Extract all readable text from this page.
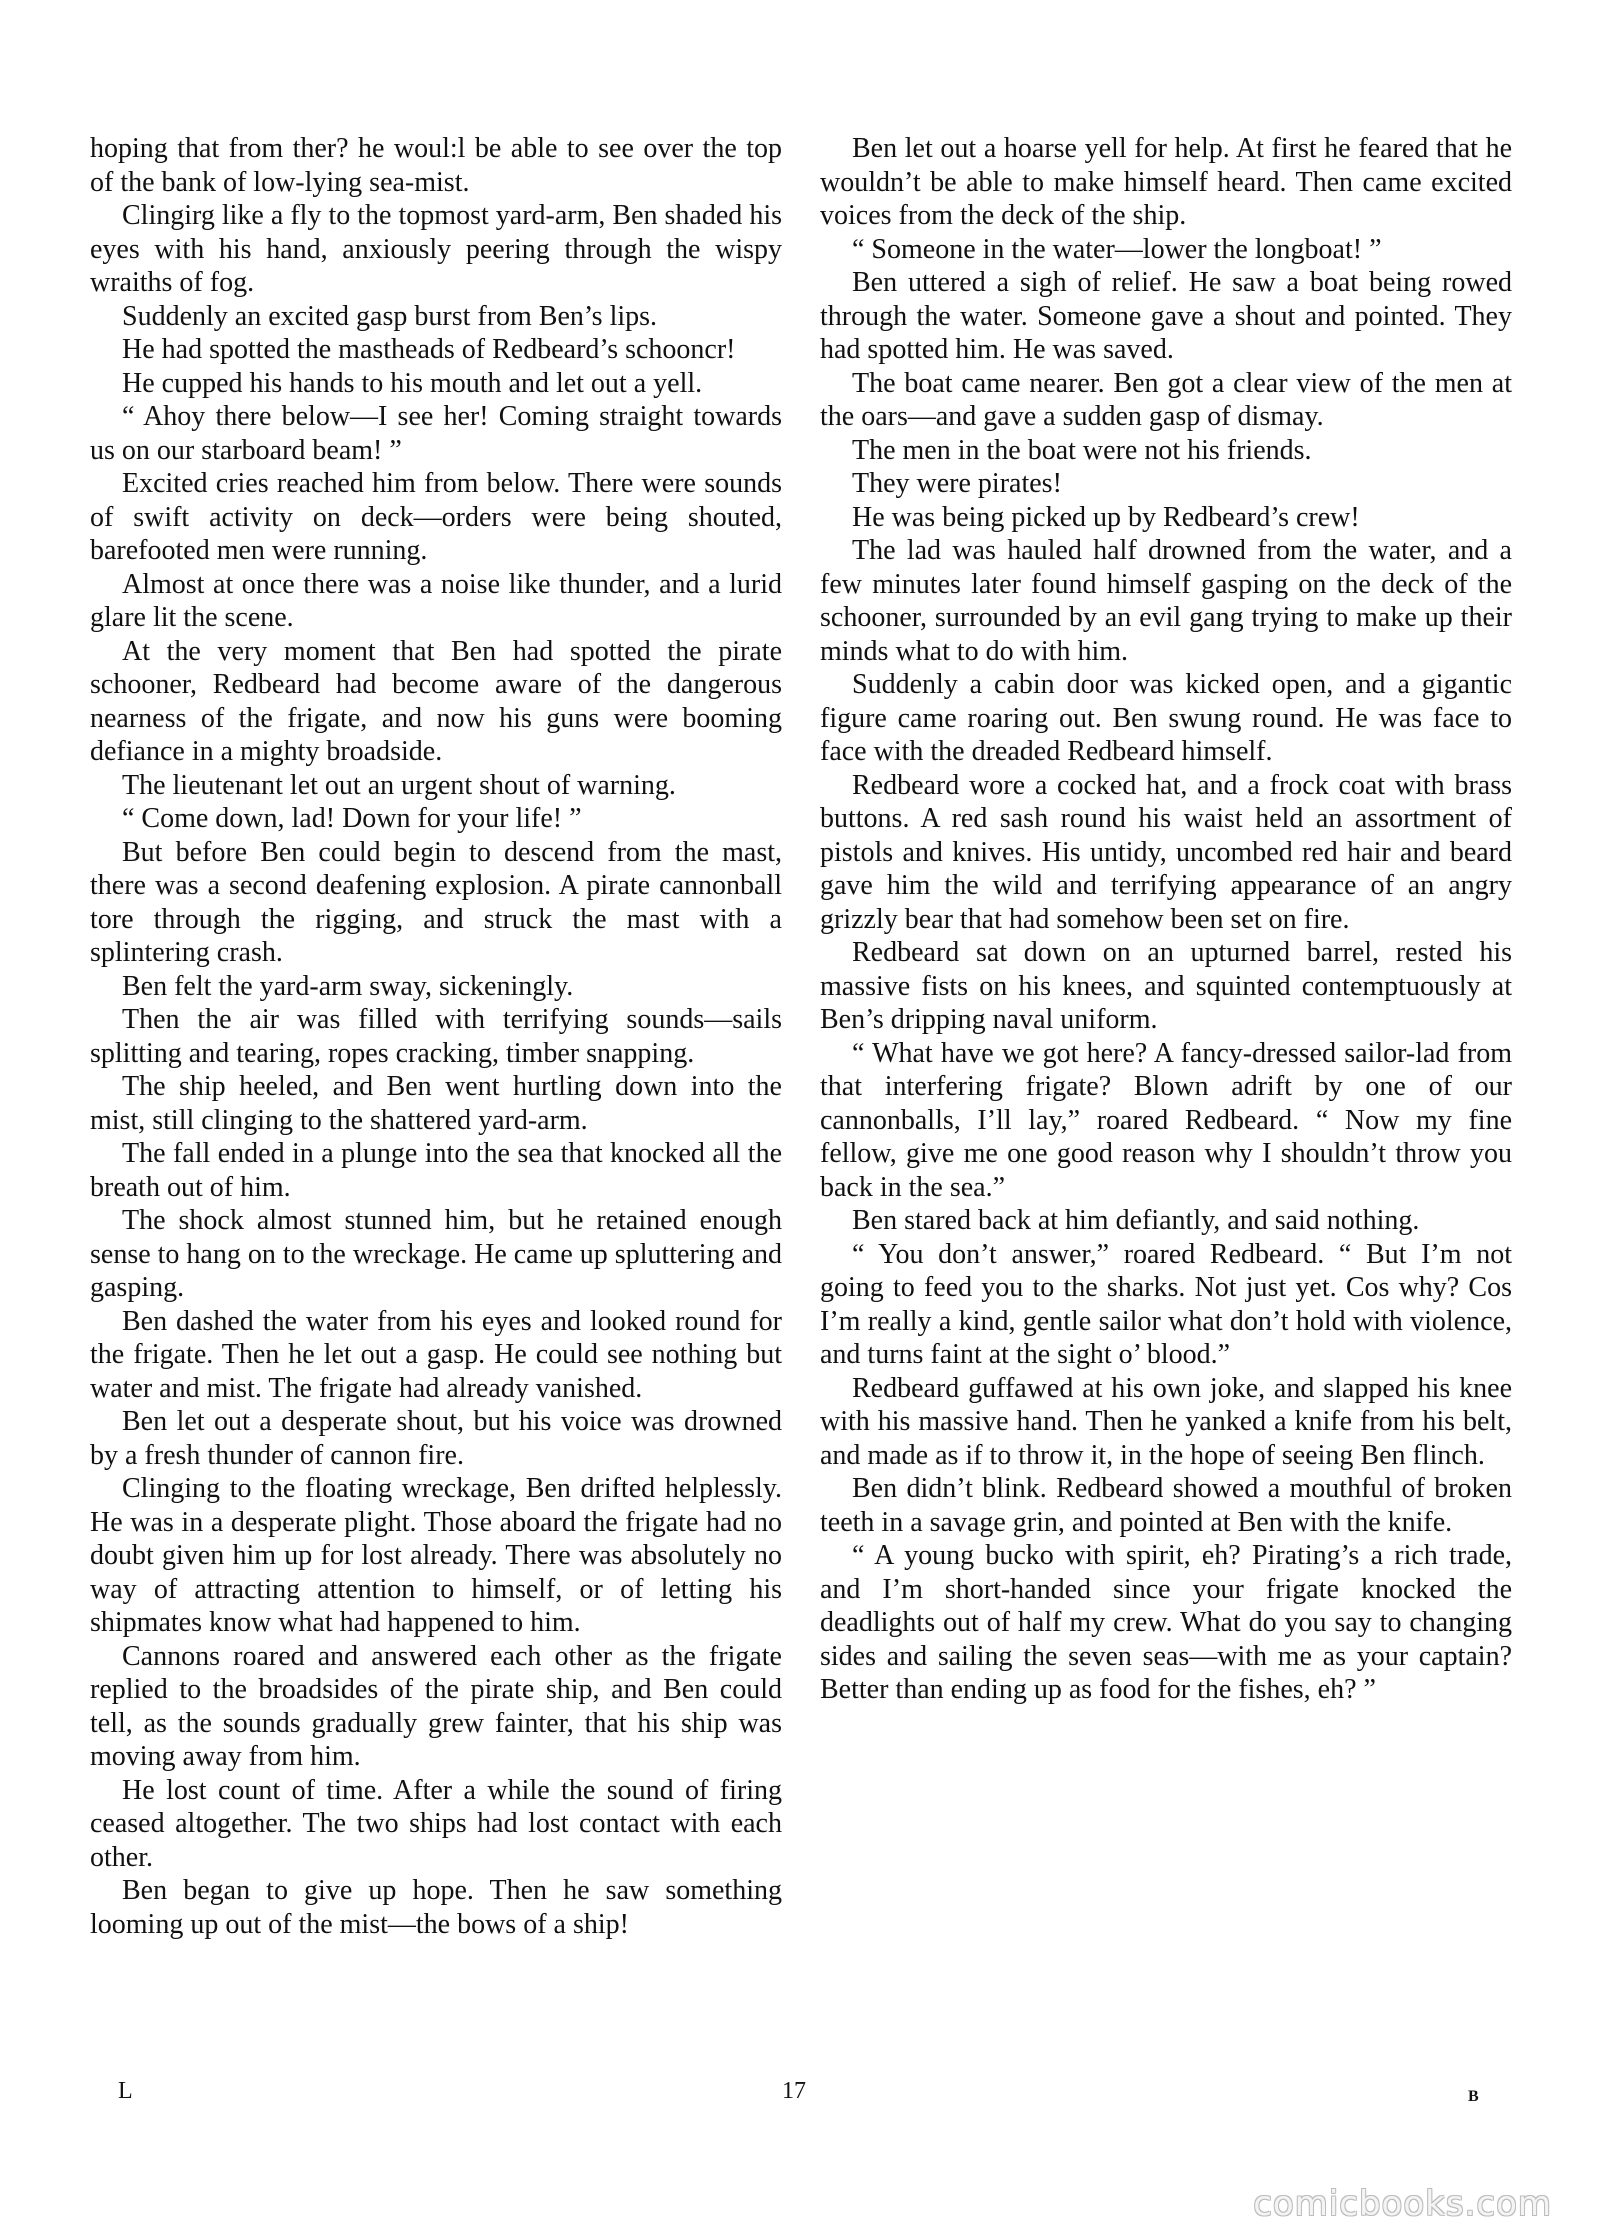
hoping that from ther? he woul:l be able to see over the top of the bank of low-lying sea-mist.

Clingirg like a fly to the topmost yard-arm, Ben shaded his eyes with his hand, anxiously peering through the wispy wraiths of fog.

Suddenly an excited gasp burst from Ben’s lips.

He had spotted the mastheads of Redbeard’s schooncr!

He cupped his hands to his mouth and let out a yell.

“ Ahoy there below—I see her! Coming straight towards us on our starboard beam! ”

Excited cries reached him from below. There were sounds of swift activity on deck—orders were being shouted, barefooted men were running.

Almost at once there was a noise like thunder, and a lurid glare lit the scene.

At the very moment that Ben had spotted the pirate schooner, Redbeard had become aware of the dangerous nearness of the frigate, and now his guns were booming defiance in a mighty broadside.

The lieutenant let out an urgent shout of warning.

“ Come down, lad! Down for your life! ”

But before Ben could begin to descend from the mast, there was a second deafening explosion. A pirate cannonball tore through the rigging, and struck the mast with a splintering crash.

Ben felt the yard-arm sway, sickeningly.

Then the air was filled with terrifying sounds—sails splitting and tearing, ropes cracking, timber snapping.

The ship heeled, and Ben went hurtling down into the mist, still clinging to the shattered yard-arm.

The fall ended in a plunge into the sea that knocked all the breath out of him.

The shock almost stunned him, but he retained enough sense to hang on to the wreckage. He came up spluttering and gasping.

Ben dashed the water from his eyes and looked round for the frigate. Then he let out a gasp. He could see nothing but water and mist. The frigate had already vanished.

Ben let out a desperate shout, but his voice was drowned by a fresh thunder of cannon fire.

Clinging to the floating wreckage, Ben drifted helplessly. He was in a desperate plight. Those aboard the frigate had no doubt given him up for lost already. There was absolutely no way of attracting attention to himself, or of letting his shipmates know what had happened to him.

Cannons roared and answered each other as the frigate replied to the broadsides of the pirate ship, and Ben could tell, as the sounds gradually grew fainter, that his ship was moving away from him.

He lost count of time. After a while the sound of firing ceased altogether. The two ships had lost contact with each other.

Ben began to give up hope. Then he saw something looming up out of the mist—the bows of a ship!

Ben let out a hoarse yell for help. At first he feared that he wouldn’t be able to make himself heard. Then came excited voices from the deck of the ship.

“ Someone in the water—lower the longboat! ”

Ben uttered a sigh of relief. He saw a boat being rowed through the water. Someone gave a shout and pointed. They had spotted him. He was saved.

The boat came nearer. Ben got a clear view of the men at the oars—and gave a sudden gasp of dismay.

The men in the boat were not his friends.

They were pirates!

He was being picked up by Redbeard’s crew!

The lad was hauled half drowned from the water, and a few minutes later found himself gasping on the deck of the schooner, surrounded by an evil gang trying to make up their minds what to do with him.

Suddenly a cabin door was kicked open, and a gigantic figure came roaring out. Ben swung round. He was face to face with the dreaded Redbeard himself.

Redbeard wore a cocked hat, and a frock coat with brass buttons. A red sash round his waist held an assortment of pistols and knives. His untidy, uncombed red hair and beard gave him the wild and terrifying appearance of an angry grizzly bear that had somehow been set on fire.

Redbeard sat down on an upturned barrel, rested his massive fists on his knees, and squinted contemptuously at Ben’s dripping naval uniform.

“ What have we got here? A fancy-dressed sailor-lad from that interfering frigate? Blown adrift by one of our cannonballs, I’ll lay,” roared Redbeard. “ Now my fine fellow, give me one good reason why I shouldn’t throw you back in the sea.”

Ben stared back at him defiantly, and said nothing.

“ You don’t answer,” roared Redbeard. “ But I’m not going to feed you to the sharks. Not just yet. Cos why? Cos I’m really a kind, gentle sailor what don’t hold with violence, and turns faint at the sight o’ blood.”

Redbeard guffawed at his own joke, and slapped his knee with his massive hand. Then he yanked a knife from his belt, and made as if to throw it, in the hope of seeing Ben flinch.

Ben didn’t blink. Redbeard showed a mouthful of broken teeth in a savage grin, and pointed at Ben with the knife.

“ A young bucko with spirit, eh? Pirating’s a rich trade, and I’m short-handed since your frigate knocked the deadlights out of half my crew. What do you say to changing sides and sailing the seven seas—with me as your captain? Better than ending up as food for the fishes, eh? ”

L	17	B
comicbooks.com
